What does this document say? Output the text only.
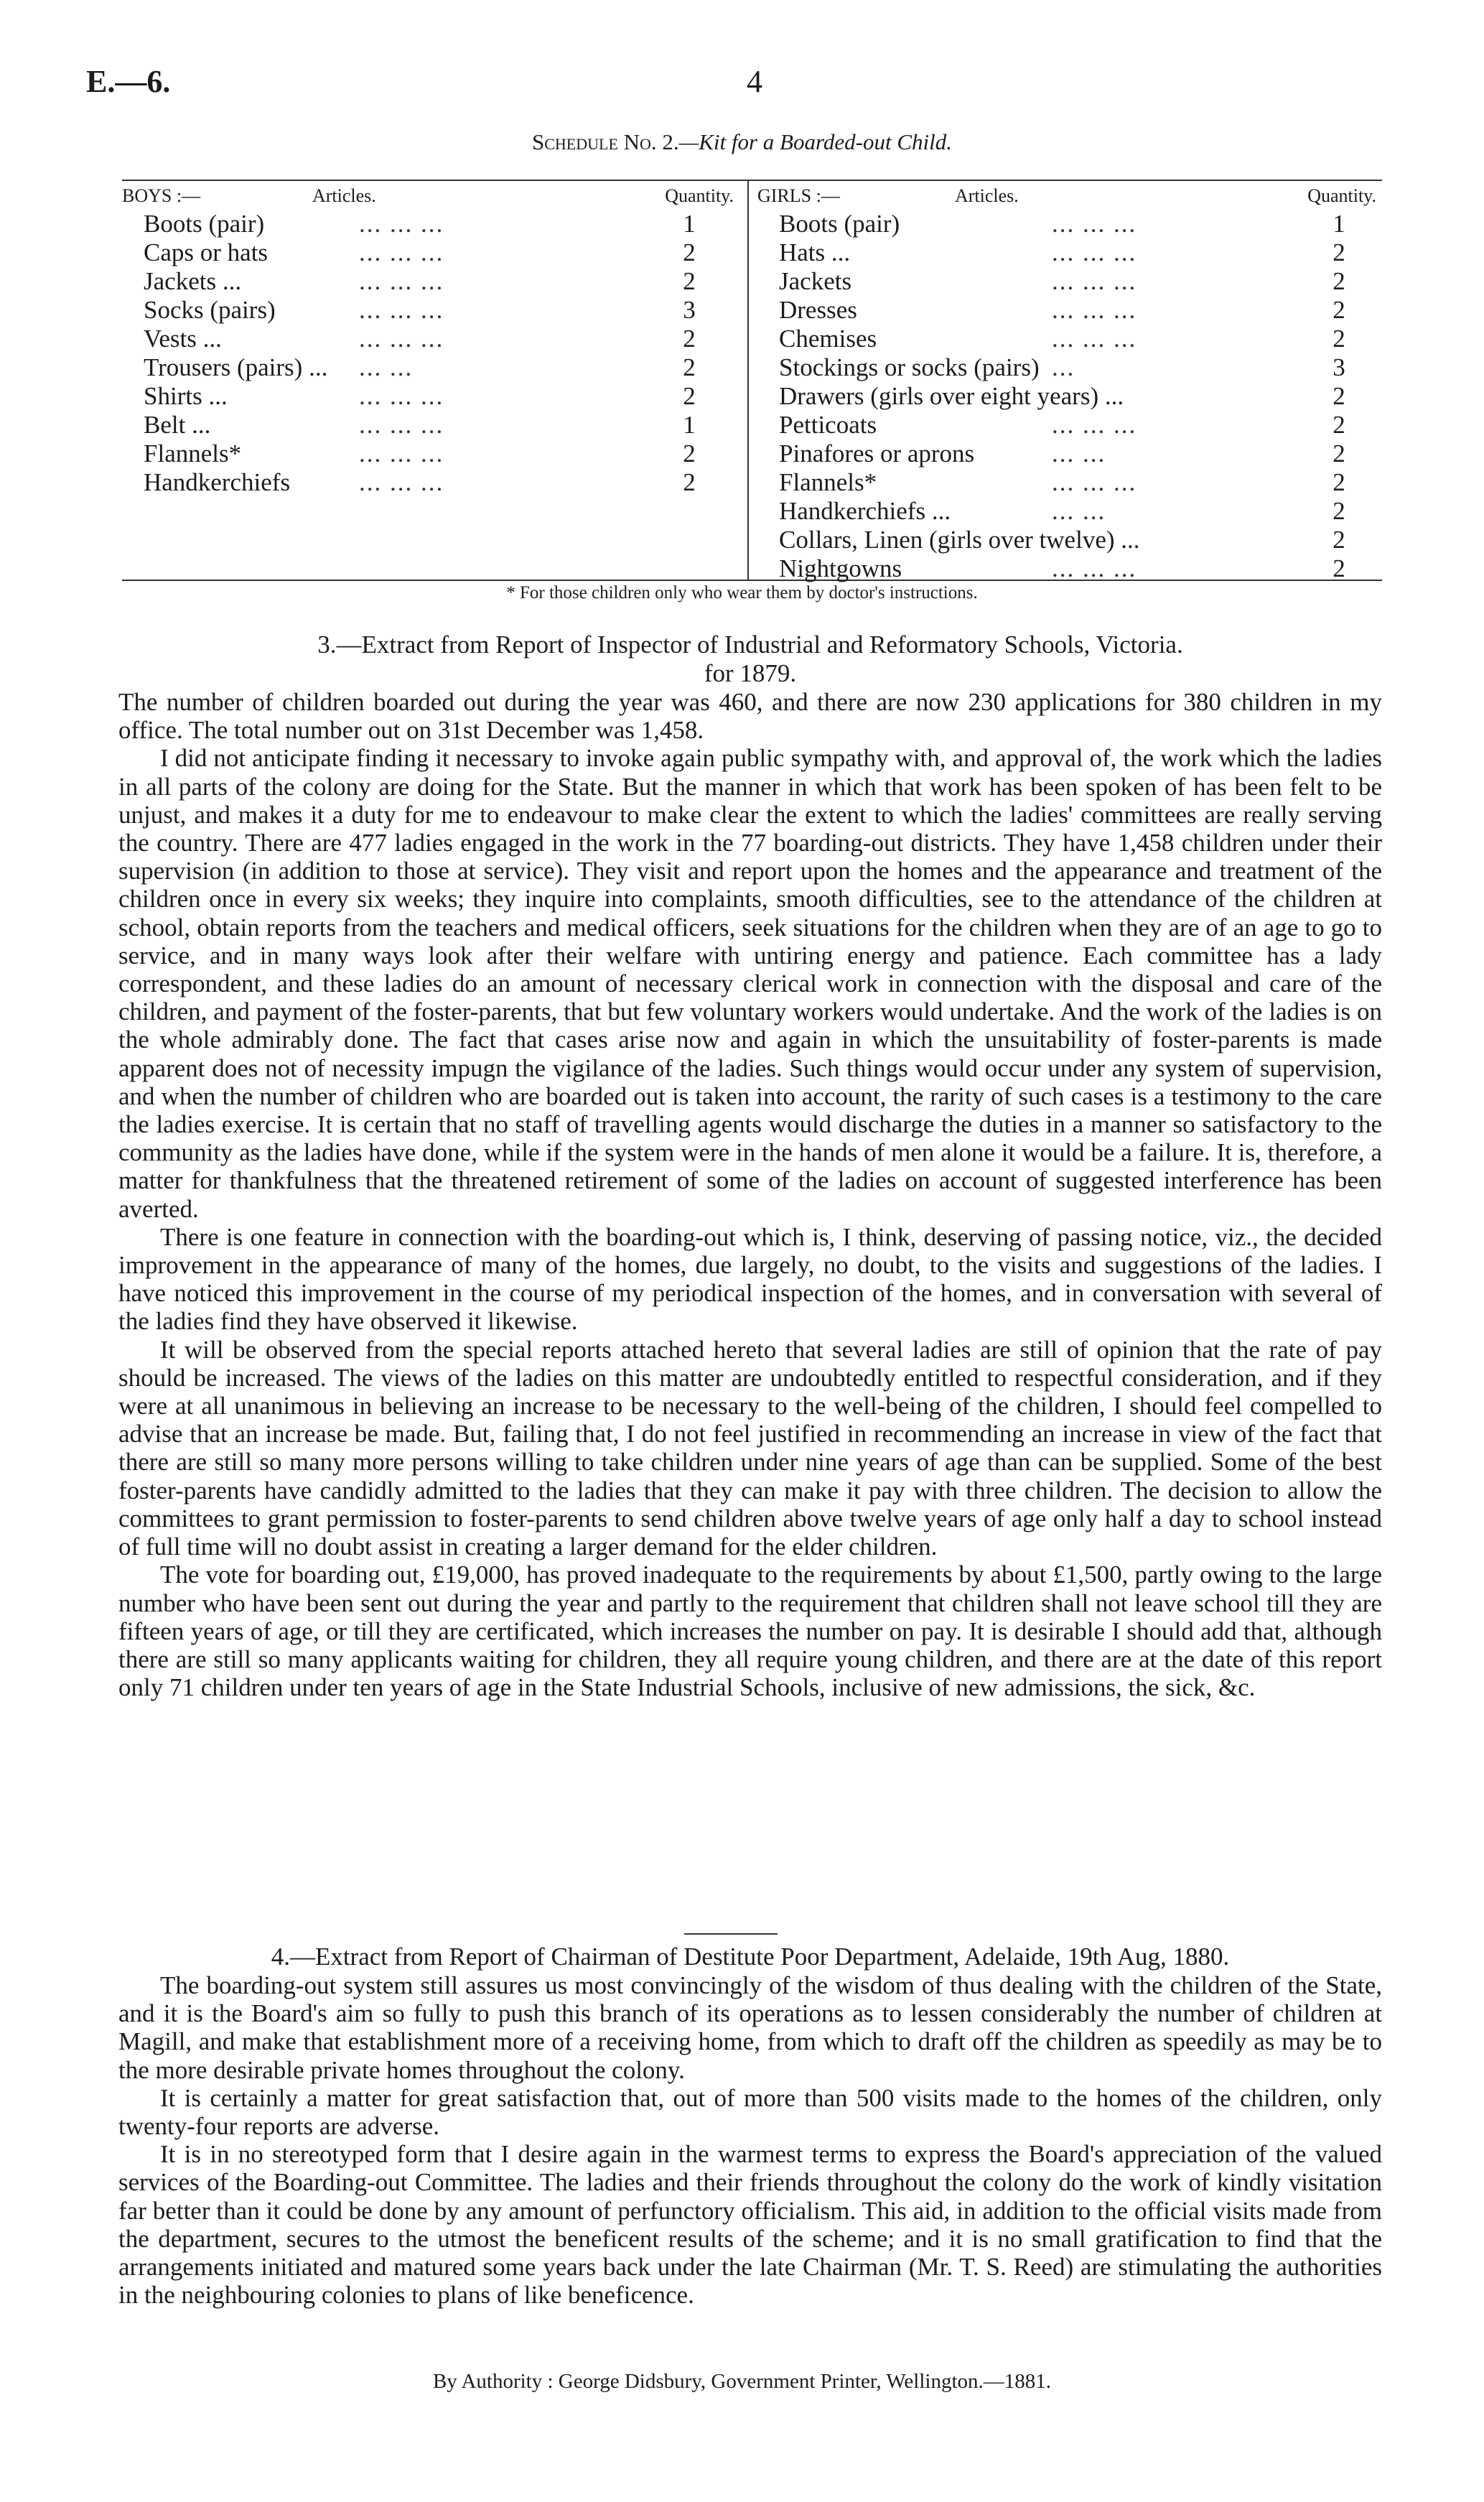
E.—6.	4
Schedule No. 2.—Kit for a Boarded-out Child.
BOYS :—	Articles.	Quantity.
Boots (pair)	... ... ...	1
Caps or hats	... ... ...	2
Jackets ...	... ... ...	2
Socks (pairs)	... ... ...	3
Vests ...	... ... ...	2
Trousers (pairs) ... ... ...	2
Shirts ...	... ... ...	2
Belt ...	... ... ...	1
Flannels*	... ... ...	2
Handkerchiefs	... ... ...	2
GIRLS :—	Articles.	Quantity.
Boots (pair)	... ... ...	1
Hats ...	... ... ...	2
Jackets	... ... ...	2
Dresses	... ... ...	2
Chemises	... ... ...	2
Stockings or socks (pairs) ...	3
Drawers (girls over eight years) ...	2
Petticoats	... ... ...	2
Pinafores or aprons	... ...	2
Flannels*	... ... ...	2
Handkerchiefs ...	... ...	2
Collars, Linen (girls over twelve) ...	2
Nightgowns	... ... ...	2
* For those children only who wear them by doctor's instructions.
3.—Extract from Report of Inspector of Industrial and Reformatory Schools, Victoria.
for 1879.

The number of children boarded out during the year was 460, and there are now 230 applications for 380 children in my office. The total number out on 31st December was 1,458.

I did not anticipate finding it necessary to invoke again public sympathy with, and approval of, the work which the ladies in all parts of the colony are doing for the State. But the manner in which that work has been spoken of has been felt to be unjust, and makes it a duty for me to endeavour to make clear the extent to which the ladies' committees are really serving the country. There are 477 ladies engaged in the work in the 77 boarding-out districts. They have 1,458 children under their supervision (in addition to those at service). They visit and report upon the homes and the appearance and treatment of the children once in every six weeks; they inquire into complaints, smooth difficulties, see to the attendance of the children at school, obtain reports from the teachers and medical officers, seek situations for the children when they are of an age to go to service, and in many ways look after their welfare with untiring energy and patience. Each committee has a lady correspondent, and these ladies do an amount of necessary clerical work in connection with the disposal and care of the children, and payment of the foster-parents, that but few voluntary workers would undertake. And the work of the ladies is on the whole admirably done. The fact that cases arise now and again in which the unsuitability of foster-parents is made apparent does not of necessity impugn the vigilance of the ladies. Such things would occur under any system of supervision, and when the number of children who are boarded out is taken into account, the rarity of such cases is a testimony to the care the ladies exercise. It is certain that no staff of travelling agents would discharge the duties in a manner so satisfactory to the community as the ladies have done, while if the system were in the hands of men alone it would be a failure. It is, therefore, a matter for thankfulness that the threatened retirement of some of the ladies on account of suggested interference has been averted.

There is one feature in connection with the boarding-out which is, I think, deserving of passing notice, viz., the decided improvement in the appearance of many of the homes, due largely, no doubt, to the visits and suggestions of the ladies. I have noticed this improvement in the course of my periodical inspection of the homes, and in conversation with several of the ladies find they have observed it likewise.

It will be observed from the special reports attached hereto that several ladies are still of opinion that the rate of pay should be increased. The views of the ladies on this matter are undoubtedly entitled to respectful consideration, and if they were at all unanimous in believing an increase to be necessary to the well-being of the children, I should feel compelled to advise that an increase be made. But, failing that, I do not feel justified in recommending an increase in view of the fact that there are still so many more persons willing to take children under nine years of age than can be supplied. Some of the best foster-parents have candidly admitted to the ladies that they can make it pay with three children. The decision to allow the committees to grant permission to foster-parents to send children above twelve years of age only half a day to school instead of full time will no doubt assist in creating a larger demand for the elder children.

The vote for boarding out, £19,000, has proved inadequate to the requirements by about £1,500, partly owing to the large number who have been sent out during the year and partly to the requirement that children shall not leave school till they are fifteen years of age, or till they are certificated, which increases the number on pay. It is desirable I should add that, although there are still so many applicants waiting for children, they all require young children, and there are at the date of this report only 71 children under ten years of age in the State Industrial Schools, inclusive of new admissions, the sick, &c.

4.—Extract from Report of Chairman of Destitute Poor Department, Adelaide, 19th Aug, 1880.

The boarding-out system still assures us most convincingly of the wisdom of thus dealing with the children of the State, and it is the Board's aim so fully to push this branch of its operations as to lessen considerably the number of children at Magill, and make that establishment more of a receiving home, from which to draft off the children as speedily as may be to the more desirable private homes throughout the colony.

It is certainly a matter for great satisfaction that, out of more than 500 visits made to the homes of the children, only twenty-four reports are adverse.

It is in no stereotyped form that I desire again in the warmest terms to express the Board's appreciation of the valued services of the Boarding-out Committee. The ladies and their friends throughout the colony do the work of kindly visitation far better than it could be done by any amount of perfunctory officialism. This aid, in addition to the official visits made from the department, secures to the utmost the beneficent results of the scheme; and it is no small gratification to find that the arrangements initiated and matured some years back under the late Chairman (Mr. T. S. Reed) are stimulating the authorities in the neighbouring colonies to plans of like beneficence.

By Authority : George Didsbury, Government Printer, Wellington.—1881.
